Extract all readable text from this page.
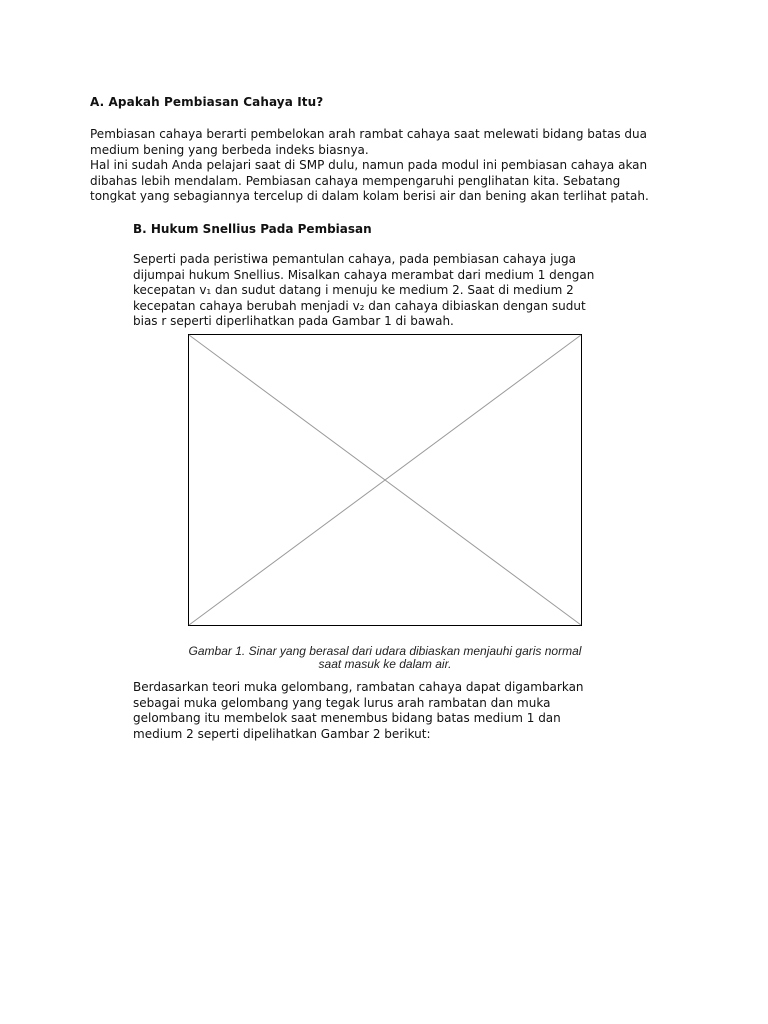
A. Apakah Pembiasan Cahaya Itu?
Pembiasan cahaya berarti pembelokan arah rambat cahaya saat melewati bidang batas dua
medium bening yang berbeda indeks biasnya.
Hal ini sudah Anda pelajari saat di SMP dulu, namun pada modul ini pembiasan cahaya akan
dibahas lebih mendalam. Pembiasan cahaya mempengaruhi penglihatan kita. Sebatang
tongkat yang sebagiannya tercelup di dalam kolam berisi air dan bening akan terlihat patah.
B. Hukum Snellius Pada Pembiasan
Seperti pada peristiwa pemantulan cahaya, pada pembiasan cahaya juga
dijumpai hukum Snellius. Misalkan cahaya merambat dari medium 1 dengan
kecepatan v₁ dan sudut datang i menuju ke medium 2. Saat di medium 2
kecepatan cahaya berubah menjadi v₂ dan cahaya dibiaskan dengan sudut
bias r seperti diperlihatkan pada Gambar 1 di bawah.
Gambar 1. Sinar yang berasal dari udara dibiaskan menjauhi garis normal
saat masuk ke dalam air.
Berdasarkan teori muka gelombang, rambatan cahaya dapat digambarkan
sebagai muka gelombang yang tegak lurus arah rambatan dan muka
gelombang itu membelok saat menembus bidang batas medium 1 dan
medium 2 seperti dipelihatkan Gambar 2 berikut:
